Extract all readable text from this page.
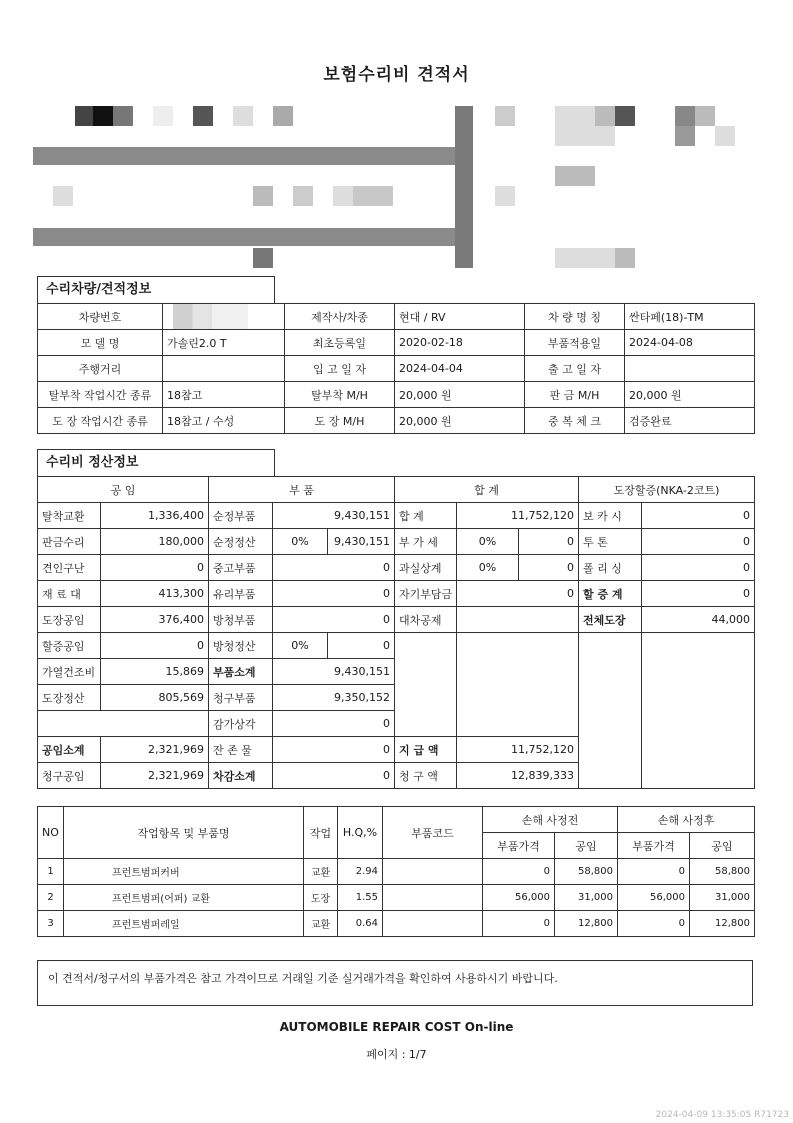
보험수리비 견적서
수리차량/견적정보
차량번호		제작사/차종	현대 / RV	차 량 명 칭	싼타페(18)-TM
모 델 명	가솔린2.0 T	최초등록일	2020-02-18	부품적용일	2024-04-08
주행거리		입 고 일 자	2024-04-04	출 고 일 자	
탈부착 작업시간 종류	18참고	탈부착 M/H	20,000 원	판 금 M/H	20,000 원
도 장 작업시간 종류	18참고 / 수성	도 장 M/H	20,000 원	중 복 체 크	검증완료
수리비 정산정보
공 임		부 품			합 계			도장할증(NKA-2코트)	
탈착교환	1,336,400	순정부품	9,430,151		합 계	11,752,120		보 카 시	0
판금수리	180,000	순정정산	0%	9,430,151	부 가 세	0%	0	투 톤	0
견인구난	0	중고부품	0		과실상계	0%	0	폴 리 싱	0
재 료 대	413,300	유리부품	0		자기부담금	0		할 증 계	0
도장공임	376,400	방청부품	0		대차공제			전체도장	44,000
할증공임	0	방청정산	0%	0					
가열건조비	15,869	부품소계	9,430,151						
도장정산	805,569	청구부품	9,350,152						
		감가상각	0						
공임소계	2,321,969	잔 존 물	0		지 급 액	11,752,120			
청구공임	2,321,969	차감소계	0		청 구 액	12,839,333			
NO	작업항목 및 부품명	작업	H.Q,%	부품코드	손해 사정전		손해 사정후	
					부품가격	공임	부품가격	공임
1	프런트범퍼커버	교환	2.94		0	58,800	0	58,800
2	프런트범퍼(어퍼) 교환	도장	1.55		56,000	31,000	56,000	31,000
3	프런트범퍼레일	교환	0.64		0	12,800	0	12,800
이 견적서/청구서의 부품가격은 참고 가격이므로 거래일 기준 실거래가격을 확인하여 사용하시기 바랍니다.
AUTOMOBILE REPAIR COST On-line
페이지 : 1/7
2024-04-09 13:35:05 R71723
